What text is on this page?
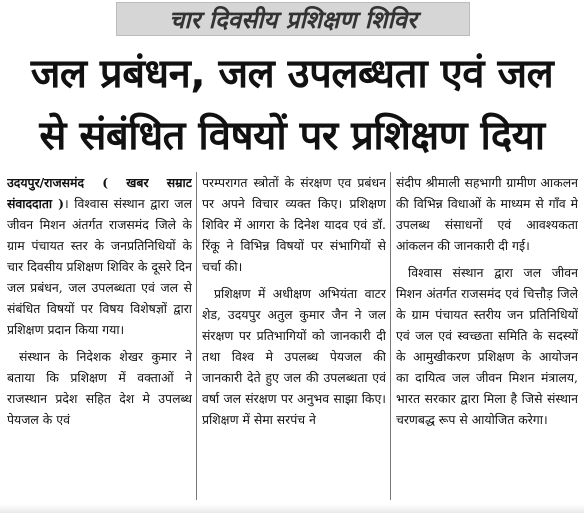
चार दिवसीय प्रशिक्षण शिविर
जल प्रबंधन, जल उपलब्धता एवं जल
से संबंधित विषयों पर प्रशिक्षण दिया

उदयपुर/राजसमंद ( खबर सम्राट संवाददाता )। विश्वास संस्थान द्वारा जल जीवन मिशन अंतर्गत राजसमंद जिले के ग्राम पंचायत स्तर के जनप्रतिनिधियों के चार दिवसीय प्रशिक्षण शिविर के दूसरे दिन जल प्रबंधन, जल उपलब्धता एवं जल से संबंधित विषयों पर विषय विशेषज्ञों द्वारा प्रशिक्षण प्रदान किया गया।

संस्थान के निदेशक शेखर कुमार ने बताया कि प्रशिक्षण में वक्ताओं ने राजस्थान प्रदेश सहित देश मे उपलब्ध पेयजल के एवं

परम्परागत स्त्रोतों के संरक्षण एव प्रबंधन पर अपने विचार व्यक्त किए। प्रशिक्षण शिविर में आगरा के दिनेश यादव एवं डॉ. रिंकू ने विभिन्न विषयों पर संभागियों से चर्चा की।

प्रशिक्षण में अधीक्षण अभियंता वाटर शेड, उदयपुर अतुल कुमार जैन ने जल संरक्षण पर प्रतिभागियों को जानकारी दी तथा विश्व मे उपलब्ध पेयजल की जानकारी देते हुए जल की उपलब्धता एवं वर्षा जल संरक्षण पर अनुभव साझा किए। प्रशिक्षण में सेमा सरपंच ने

संदीप श्रीमाली सहभागी ग्रामीण आकलन की विभिन्न विधाओं के माध्यम से गाँव मे उपलब्ध संसाधनों एवं आवश्यकता आंकलन की जानकारी दी गई।

विश्वास संस्थान द्वारा जल जीवन मिशन अंतर्गत राजसमंद एवं चित्तौड़ जिले के ग्राम पंचायत स्तरीय जन प्रतिनिधियों एवं जल एवं स्वच्छता समिति के सदस्यों के आमुखीकरण प्रशिक्षण के आयोजन का दायित्व जल जीवन मिशन मंत्रालय, भारत सरकार द्वारा मिला है जिसे संस्थान चरणबद्ध रूप से आयोजित करेगा।
